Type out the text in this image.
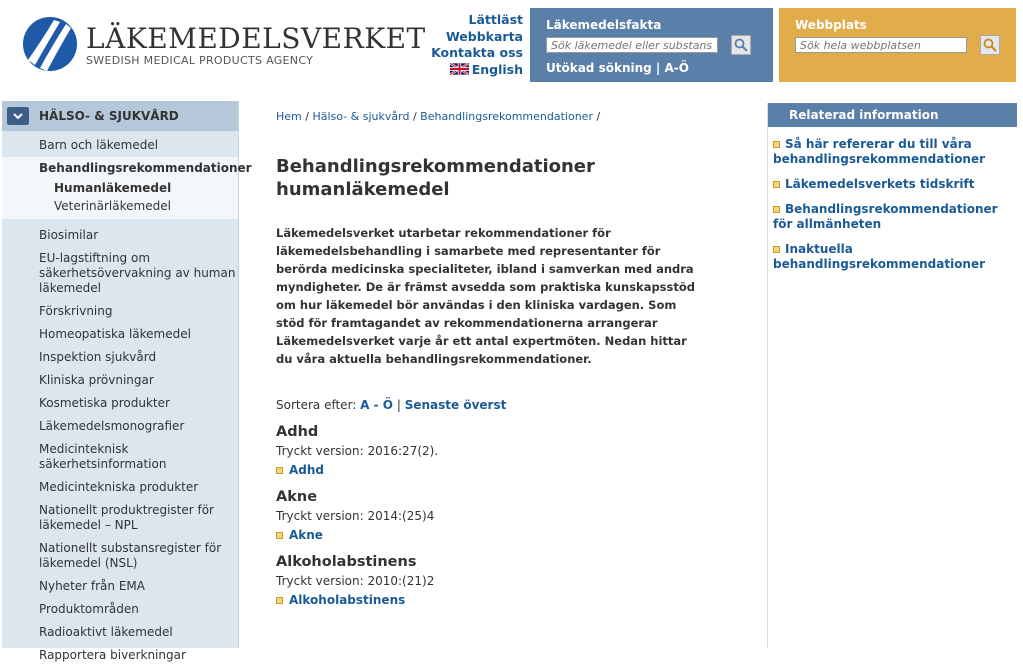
LÄKEMEDELSVERKET
SWEDISH MEDICAL PRODUCTS AGENCY
Lättläst
Webbkarta
Kontakta oss
English
Läkemedelsfakta
Sök läkemedel eller substans
Utökad sökning | A-Ö
Webbplats
Sök hela webbplatsen
HÄLSO- & SJUKVÅRD
Barn och läkemedel
Behandlingsrekommendationer
Humanläkemedel
Veterinärläkemedel
Biosimilar
EU-lagstiftning om säkerhetsövervakning av human läkemedel
Förskrivning
Homeopatiska läkemedel
Inspektion sjukvård
Kliniska prövningar
Kosmetiska produkter
Läkemedelsmonografier
Medicinteknisk säkerhetsinformation
Medicintekniska produkter
Nationellt produktregister för läkemedel – NPL
Nationellt substansregister för läkemedel (NSL)
Nyheter från EMA
Produktområden
Radioaktivt läkemedel
Rapportera biverkningar
Hem / Hälso- & sjukvård / Behandlingsrekommendationer /
Behandlingsrekommendationer
humanläkemedel
Läkemedelsverket utarbetar rekommendationer för läkemedelsbehandling i samarbete med representanter för berörda medicinska specialiteter, ibland i samverkan med andra myndigheter. De är främst avsedda som praktiska kunskapsstöd om hur läkemedel bör användas i den kliniska vardagen. Som stöd för framtagandet av rekommendationerna arrangerar Läkemedelsverket varje år ett antal expertmöten. Nedan hittar du våra aktuella behandlingsrekommendationer.
Sortera efter: A - Ö | Senaste överst
Adhd
Tryckt version: 2016:27(2).
Adhd
Akne
Tryckt version: 2014:(25)4
Akne
Alkoholabstinens
Tryckt version: 2010:(21)2
Alkoholabstinens
Relaterad information
Så här refererar du till våra behandlingsrekommendationer
Läkemedelsverkets tidskrift
Behandlingsrekommendationer för allmänheten
Inaktuella behandlingsrekommendationer
